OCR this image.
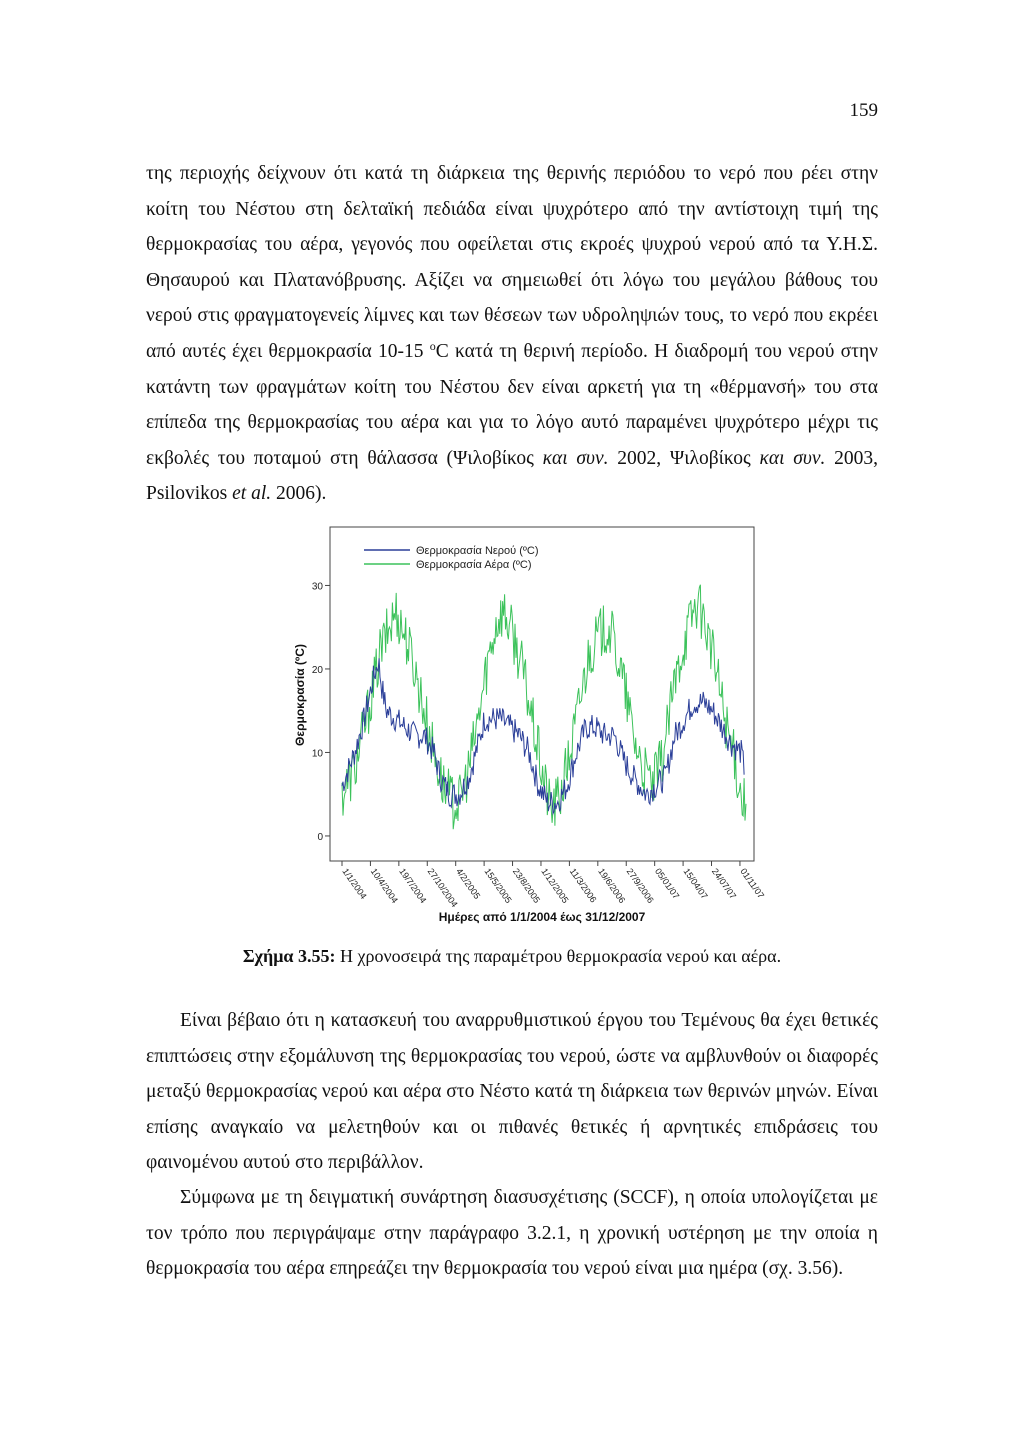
159

της περιοχής δείχνουν ότι κατά τη διάρκεια της θερινής περιόδου το νερό που ρέει στην κοίτη του Νέστου στη δελταϊκή πεδιάδα είναι ψυχρότερο από την αντίστοιχη τιμή της θερμοκρασίας του αέρα, γεγονός που οφείλεται στις εκροές ψυχρού νερού από τα Υ.Η.Σ. Θησαυρού και Πλατανόβρυσης. Αξίζει να σημειωθεί ότι λόγω του μεγάλου βάθους του νερού στις φραγματογενείς λίμνες και των θέσεων των υδροληψιών τους, το νερό που εκρέει από αυτές έχει θερμοκρασία 10-15 $^o$C κατά τη θερινή περίοδο. Η διαδρομή του νερού στην κατάντη των φραγμάτων κοίτη του Νέστου δεν είναι αρκετή για τη «θέρμανσή» του στα επίπεδα της θερμοκρασίας του αέρα και για το λόγο αυτό παραμένει ψυχρότερο μέχρι τις εκβολές του ποταμού στη θάλασσα (Ψιλοβίκος και συν. 2002, Ψιλοβίκος και συν. 2003, Psilovikos et al. 2006).

0
10
20
30
1/1/2004 10/4/2004
19/7/2004
27/10/2004
4/2/2005 15/5/2005
23/8/2005
1/12/2005
11/3/2006
19/6/2006
27/9/2006
05/01/07 15/04/07 24/07/07 01/11/07
Θερμοκρασία Νερού (ºC)
Θερμοκρασία Αέρα (ºC)
Θερμοκρασία (ºC)
Ημέρες από 1/1/2004 έως 31/12/2007

Σχήμα 3.55: Η χρονοσειρά της παραμέτρου θερμοκρασία νερού και αέρα.

Είναι βέβαιο ότι η κατασκευή του αναρρυθμιστικού έργου του Τεμένους θα έχει θετικές επιπτώσεις στην εξομάλυνση της θερμοκρασίας του νερού, ώστε να αμβλυνθούν οι διαφορές μεταξύ θερμοκρασίας νερού και αέρα στο Νέστο κατά τη διάρκεια των θερινών μηνών. Είναι επίσης αναγκαίο να μελετηθούν και οι πιθανές θετικές ή αρνητικές επιδράσεις του φαινομένου αυτού στο περιβάλλον.

Σύμφωνα με τη δειγματική συνάρτηση διασυσχέτισης (SCCF), η οποία υπολογίζεται με τον τρόπο που περιγράψαμε στην παράγραφο 3.2.1, η χρονική υστέρηση με την οποία η θερμοκρασία του αέρα επηρεάζει την θερμοκρασία του νερού είναι μια ημέρα (σχ. 3.56).
